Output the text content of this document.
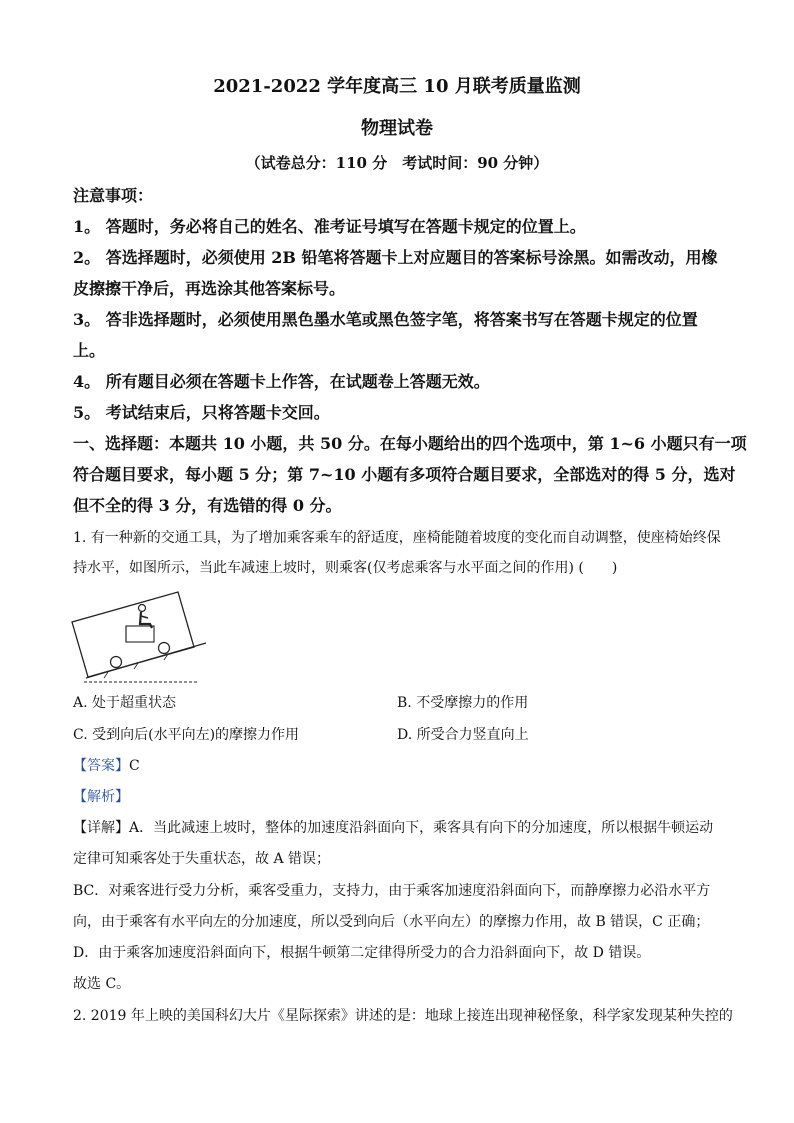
2021-2022 学年度高三 10 月联考质量监测
物理试卷
（试卷总分：110 分　考试时间：90 分钟）
注意事项：
1。 答题时，务必将自己的姓名、准考证号填写在答题卡规定的位置上。
2。 答选择题时，必须使用 2B 铅笔将答题卡上对应题目的答案标号涂黑。如需改动，用橡
皮擦擦干净后，再选涂其他答案标号。
3。 答非选择题时，必须使用黑色墨水笔或黑色签字笔，将答案书写在答题卡规定的位置
上。
4。 所有题目必须在答题卡上作答，在试题卷上答题无效。
5。 考试结束后，只将答题卡交回。
一、选择题：本题共 10 小题，共 50 分。在每小题给出的四个选项中，第 1~6 小题只有一项
符合题目要求，每小题 5 分；第 7~10 小题有多项符合题目要求，全部选对的得 5 分，选对
但不全的得 3 分，有选错的得 0 分。
1. 有一种新的交通工具，为了增加乘客乘车的舒适度，座椅能随着坡度的变化而自动调整，使座椅始终保
持水平，如图所示，当此车减速上坡时，则乘客(仅考虑乘客与水平面之间的作用) (　　)
A. 处于超重状态	B. 不受摩擦力的作用
C. 受到向后(水平向左)的摩擦力作用	D. 所受合力竖直向上
【答案】C
【解析】
【详解】A．当此减速上坡时，整体的加速度沿斜面向下，乘客具有向下的分加速度，所以根据牛顿运动
定律可知乘客处于失重状态，故 A 错误；
BC．对乘客进行受力分析，乘客受重力，支持力，由于乘客加速度沿斜面向下，而静摩擦力必沿水平方
向，由于乘客有水平向左的分加速度，所以受到向后（水平向左）的摩擦力作用，故 B 错误，C 正确；
D．由于乘客加速度沿斜面向下，根据牛顿第二定律得所受力的合力沿斜面向下，故 D 错误。
故选 C。
2. 2019 年上映的美国科幻大片《星际探索》讲述的是：地球上接连出现神秘怪象，科学家发现某种失控的
